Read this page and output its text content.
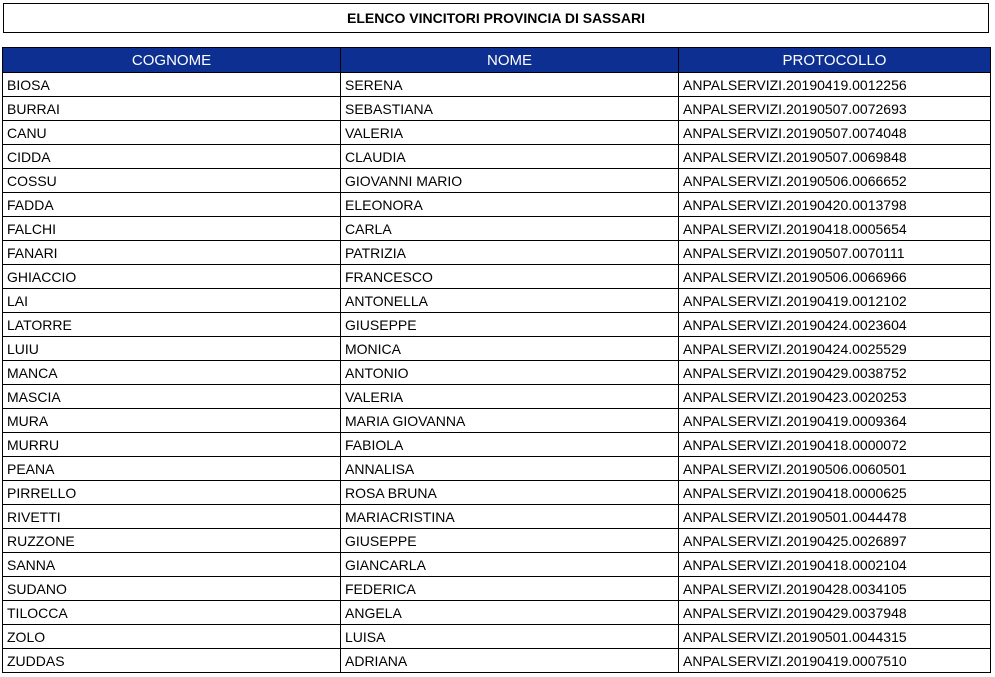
ELENCO VINCITORI PROVINCIA DI SASSARI
COGNOME	NOME	PROTOCOLLO
BIOSA	SERENA	ANPALSERVIZI.20190419.0012256
BURRAI	SEBASTIANA	ANPALSERVIZI.20190507.0072693
CANU	VALERIA	ANPALSERVIZI.20190507.0074048
CIDDA	CLAUDIA	ANPALSERVIZI.20190507.0069848
COSSU	GIOVANNI MARIO	ANPALSERVIZI.20190506.0066652
FADDA	ELEONORA	ANPALSERVIZI.20190420.0013798
FALCHI	CARLA	ANPALSERVIZI.20190418.0005654
FANARI	PATRIZIA	ANPALSERVIZI.20190507.0070111
GHIACCIO	FRANCESCO	ANPALSERVIZI.20190506.0066966
LAI	ANTONELLA	ANPALSERVIZI.20190419.0012102
LATORRE	GIUSEPPE	ANPALSERVIZI.20190424.0023604
LUIU	MONICA	ANPALSERVIZI.20190424.0025529
MANCA	ANTONIO	ANPALSERVIZI.20190429.0038752
MASCIA	VALERIA	ANPALSERVIZI.20190423.0020253
MURA	MARIA GIOVANNA	ANPALSERVIZI.20190419.0009364
MURRU	FABIOLA	ANPALSERVIZI.20190418.0000072
PEANA	ANNALISA	ANPALSERVIZI.20190506.0060501
PIRRELLO	ROSA BRUNA	ANPALSERVIZI.20190418.0000625
RIVETTI	MARIACRISTINA	ANPALSERVIZI.20190501.0044478
RUZZONE	GIUSEPPE	ANPALSERVIZI.20190425.0026897
SANNA	GIANCARLA	ANPALSERVIZI.20190418.0002104
SUDANO	FEDERICA	ANPALSERVIZI.20190428.0034105
TILOCCA	ANGELA	ANPALSERVIZI.20190429.0037948
ZOLO	LUISA	ANPALSERVIZI.20190501.0044315
ZUDDAS	ADRIANA	ANPALSERVIZI.20190419.0007510
